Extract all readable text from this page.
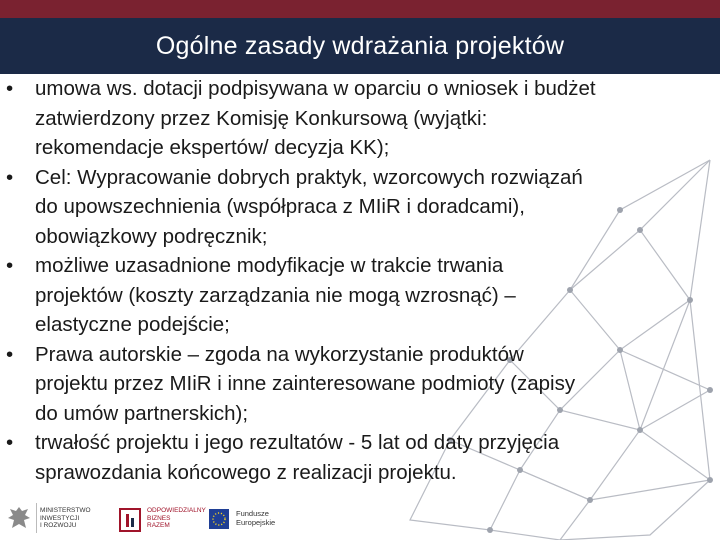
Ogólne zasady wdrażania projektów
•	umowa ws. dotacji podpisywana w oparciu o wniosek i budżet
zatwierdzony przez Komisję Konkursową (wyjątki:
rekomendacje ekspertów/ decyzja KK);
•	Cel: Wypracowanie dobrych praktyk, wzorcowych rozwiązań
do upowszechnienia (współpraca z MIiR i doradcami),
obowiązkowy podręcznik;
•	możliwe uzasadnione modyfikacje w trakcie trwania
projektów (koszty zarządzania nie mogą wzrosnąć) –
elastyczne podejście;
•	Prawa autorskie – zgoda na wykorzystanie produktów
projektu przez MIiR i inne zainteresowane podmioty (zapisy
do umów partnerskich);
•	trwałość projektu i jego rezultatów - 5 lat od daty przyjęcia
sprawozdania końcowego z realizacji projektu.
MINISTERSTWO
INWESTYCJI
I ROZWOJU
ODPOWIEDZIALNY
BIZNES
RAZEM
Fundusze
Europejskie
